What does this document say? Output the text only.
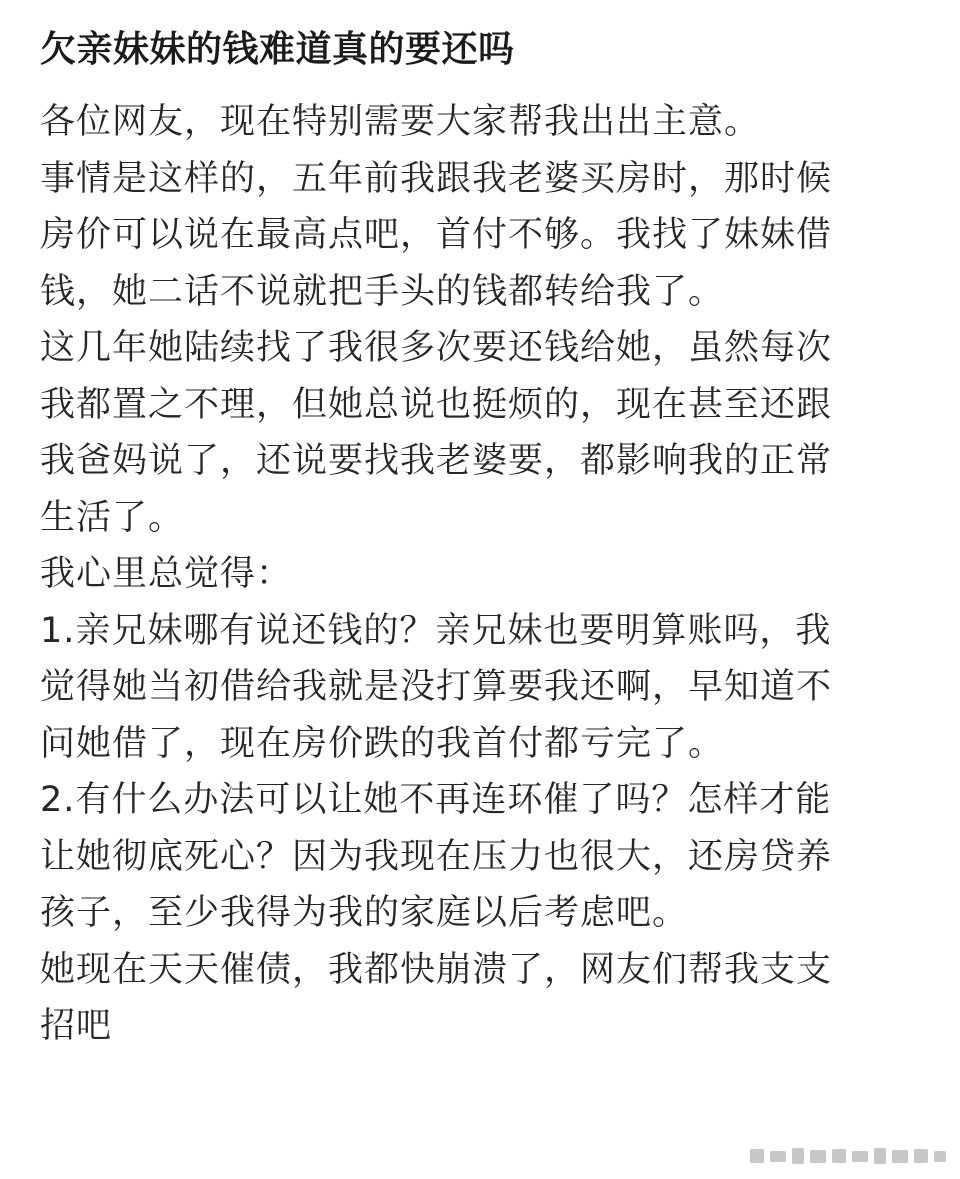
欠亲妹妹的钱难道真的要还吗

各位网友，现在特别需要大家帮我出出主意。

事情是这样的，五年前我跟我老婆买房时，那时候
房价可以说在最高点吧，首付不够。我找了妹妹借
钱，她二话不说就把手头的钱都转给我了。

这几年她陆续找了我很多次要还钱给她，虽然每次
我都置之不理，但她总说也挺烦的，现在甚至还跟
我爸妈说了，还说要找我老婆要，都影响我的正常
生活了。

我心里总觉得：

1.亲兄妹哪有说还钱的？亲兄妹也要明算账吗，我
觉得她当初借给我就是没打算要我还啊，早知道不
问她借了，现在房价跌的我首付都亏完了。

2.有什么办法可以让她不再连环催了吗？怎样才能
让她彻底死心？因为我现在压力也很大，还房贷养
孩子，至少我得为我的家庭以后考虑吧。

她现在天天催债，我都快崩溃了，网友们帮我支支
招吧
